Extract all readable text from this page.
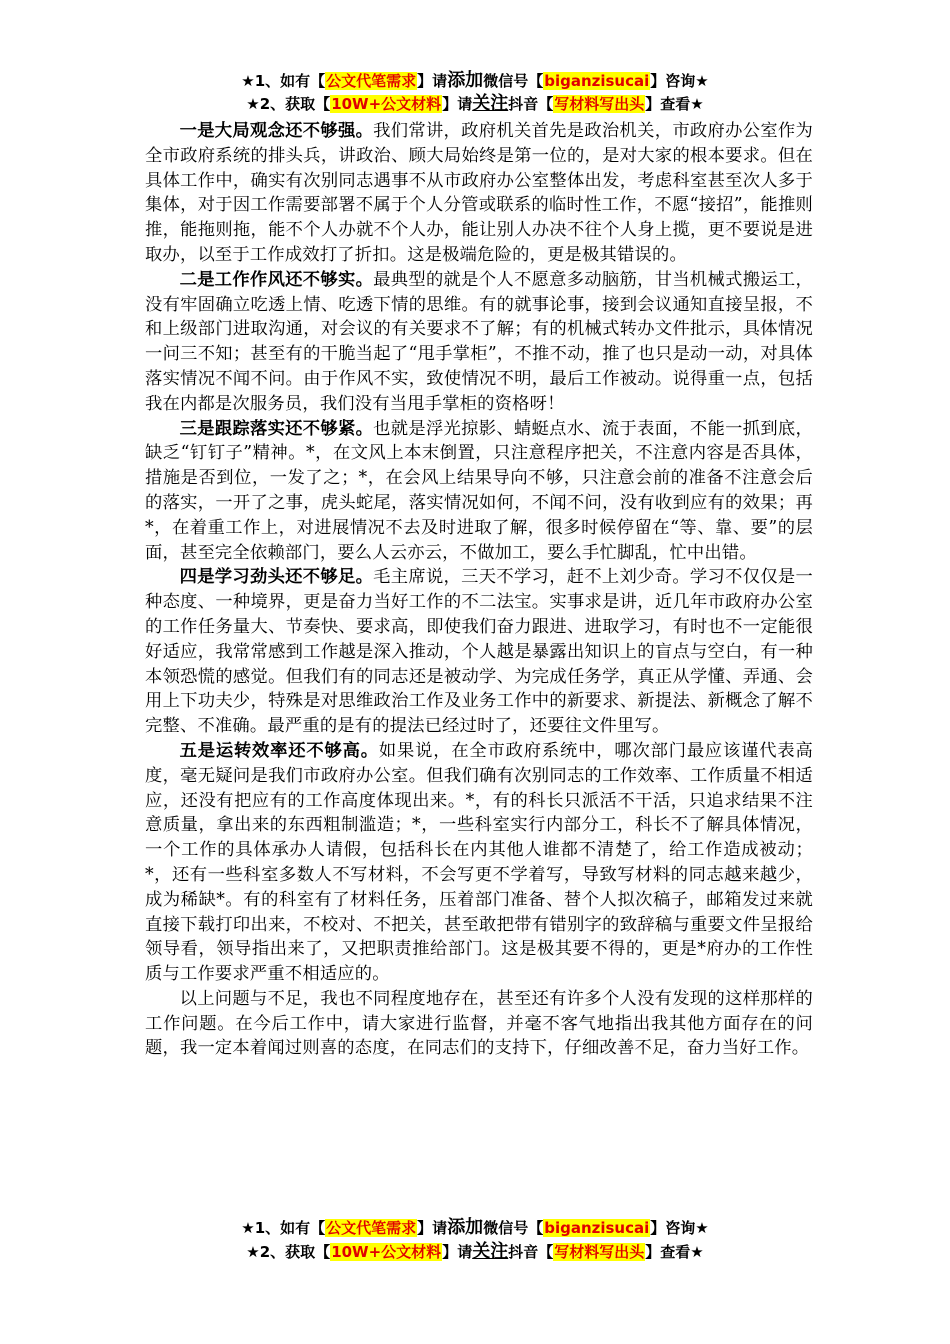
★1、如有【公文代笔需求】请添加微信号【biganzisucai】咨询★
★2、获取【10W+公文材料】请关注抖音【写材料写出头】查看★

一是大局观念还不够强。我们常讲，政府机关首先是政治机关，市政府办公室作为全市政府系统的排头兵，讲政治、顾大局始终是第一位的，是对大家的根本要求。但在具体工作中，确实有次别同志遇事不从市政府办公室整体出发，考虑科室甚至次人多于集体，对于因工作需要部署不属于个人分管或联系的临时性工作，不愿“接招”，能推则推，能拖则拖，能不个人办就不个人办，能让别人办决不往个人身上揽，更不要说是进取办，以至于工作成效打了折扣。这是极端危险的，更是极其错误的。

二是工作作风还不够实。最典型的就是个人不愿意多动脑筋，甘当机械式搬运工，没有牢固确立吃透上情、吃透下情的思维。有的就事论事，接到会议通知直接呈报，不和上级部门进取沟通，对会议的有关要求不了解；有的机械式转办文件批示，具体情况一问三不知；甚至有的干脆当起了“甩手掌柜”，不推不动，推了也只是动一动，对具体落实情况不闻不问。由于作风不实，致使情况不明，最后工作被动。说得重一点，包括我在内都是次服务员，我们没有当甩手掌柜的资格呀！

三是跟踪落实还不够紧。也就是浮光掠影、蜻蜓点水、流于表面，不能一抓到底，缺乏“钉钉子”精神。*，在文风上本末倒置，只注意程序把关，不注意内容是否具体，措施是否到位，一发了之；*，在会风上结果导向不够，只注意会前的准备不注意会后的落实，一开了之事，虎头蛇尾，落实情况如何，不闻不问，没有收到应有的效果；再*，在着重工作上，对进展情况不去及时进取了解，很多时候停留在“等、靠、要”的层面，甚至完全依赖部门，要么人云亦云，不做加工，要么手忙脚乱，忙中出错。

四是学习劲头还不够足。毛主席说，三天不学习，赶不上刘少奇。学习不仅仅是一种态度、一种境界，更是奋力当好工作的不二法宝。实事求是讲，近几年市政府办公室的工作任务量大、节奏快、要求高，即使我们奋力跟进、进取学习，有时也不一定能很好适应，我常常感到工作越是深入推动，个人越是暴露出知识上的盲点与空白，有一种本领恐慌的感觉。但我们有的同志还是被动学、为完成任务学，真正从学懂、弄通、会用上下功夫少，特殊是对思维政治工作及业务工作中的新要求、新提法、新概念了解不完整、不准确。最严重的是有的提法已经过时了，还要往文件里写。

五是运转效率还不够高。如果说，在全市政府系统中，哪次部门最应该谨代表高度，毫无疑问是我们市政府办公室。但我们确有次别同志的工作效率、工作质量不相适应，还没有把应有的工作高度体现出来。*，有的科长只派活不干活，只追求结果不注意质量，拿出来的东西粗制滥造；*，一些科室实行内部分工，科长不了解具体情况，一个工作的具体承办人请假，包括科长在内其他人谁都不清楚了，给工作造成被动；*，还有一些科室多数人不写材料，不会写更不学着写，导致写材料的同志越来越少，成为稀缺*。有的科室有了材料任务，压着部门准备、替个人拟次稿子，邮箱发过来就直接下载打印出来，不校对、不把关，甚至敢把带有错别字的致辞稿与重要文件呈报给领导看，领导指出来了，又把职责推给部门。这是极其要不得的，更是*府办的工作性质与工作要求严重不相适应的。

以上问题与不足，我也不同程度地存在，甚至还有许多个人没有发现的这样那样的工作问题。在今后工作中，请大家进行监督，并毫不客气地指出我其他方面存在的问题，我一定本着闻过则喜的态度，在同志们的支持下，仔细改善不足，奋力当好工作。

★1、如有【公文代笔需求】请添加微信号【biganzisucai】咨询★
★2、获取【10W+公文材料】请关注抖音【写材料写出头】查看★
